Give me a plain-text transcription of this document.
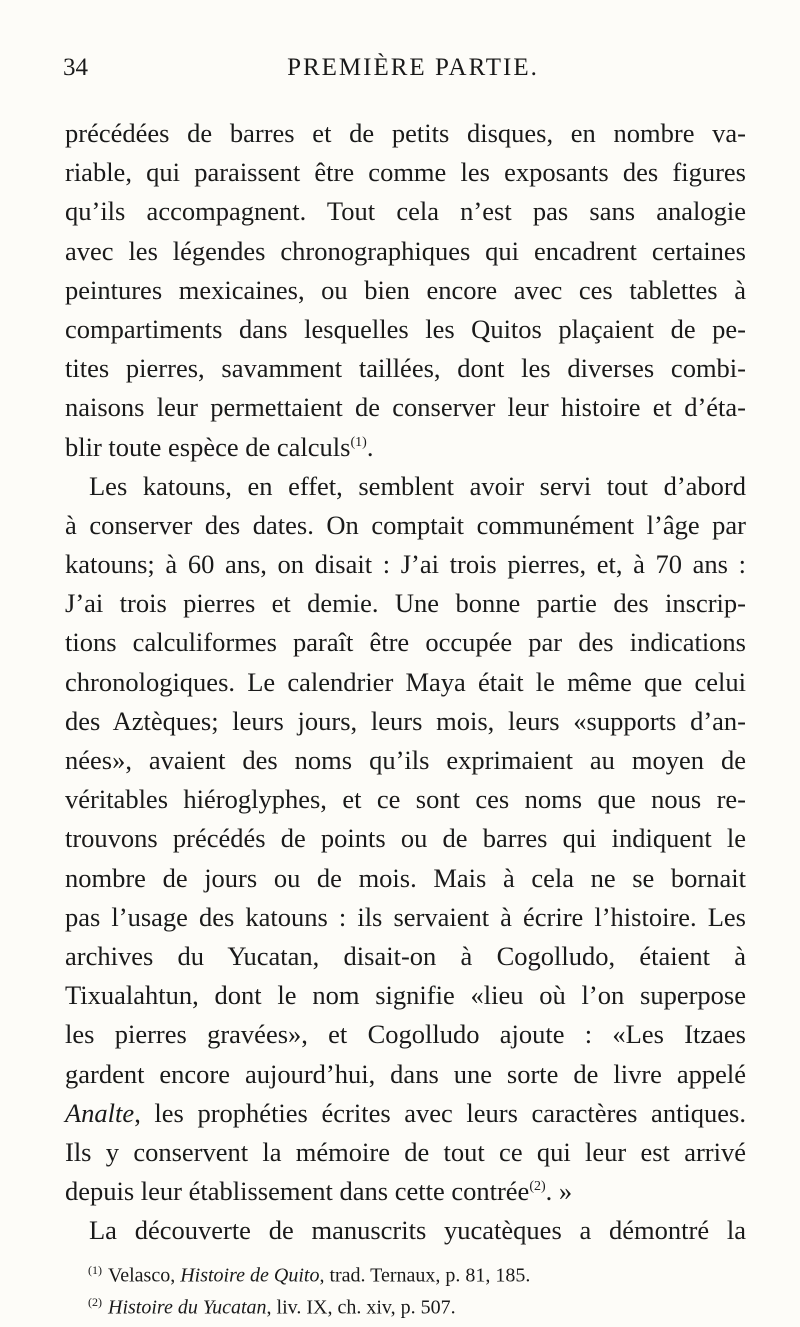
34	PREMIÈRE PARTIE.
précédées de barres et de petits disques, en nombre va-
riable, qui paraissent être comme les exposants des figures
qu’ils accompagnent. Tout cela n’est pas sans analogie
avec les légendes chronographiques qui encadrent certaines
peintures mexicaines, ou bien encore avec ces tablettes à
compartiments dans lesquelles les Quitos plaçaient de pe-
tites pierres, savamment taillées, dont les diverses combi-
naisons leur permettaient de conserver leur histoire et d’éta-
blir toute espèce de calculs$^{(1)}$.
Les katouns, en effet, semblent avoir servi tout d’abord
à conserver des dates. On comptait communément l’âge par
katouns; à 60 ans, on disait : J’ai trois pierres, et, à 70 ans :
J’ai trois pierres et demie. Une bonne partie des inscrip-
tions calculiformes paraît être occupée par des indications
chronologiques. Le calendrier Maya était le même que celui
des Aztèques; leurs jours, leurs mois, leurs «supports d’an-
nées», avaient des noms qu’ils exprimaient au moyen de
véritables hiéroglyphes, et ce sont ces noms que nous re-
trouvons précédés de points ou de barres qui indiquent le
nombre de jours ou de mois. Mais à cela ne se bornait
pas l’usage des katouns : ils servaient à écrire l’histoire. Les
archives du Yucatan, disait-on à Cogolludo, étaient à
Tixualahtun, dont le nom signifie «lieu où l’on superpose
les pierres gravées», et Cogolludo ajoute : «Les Itzaes
gardent encore aujourd’hui, dans une sorte de livre appelé
Analte, les prophéties écrites avec leurs caractères antiques.
Ils y conservent la mémoire de tout ce qui leur est arrivé
depuis leur établissement dans cette contrée$^{(2)}$. »
La découverte de manuscrits yucatèques a démontré la
$^{(1)}$ Velasco, Histoire de Quito, trad. Ternaux, p. 81, 185.
$^{(2)}$ Histoire du Yucatan, liv. IX, ch. xiv, p. 507.
